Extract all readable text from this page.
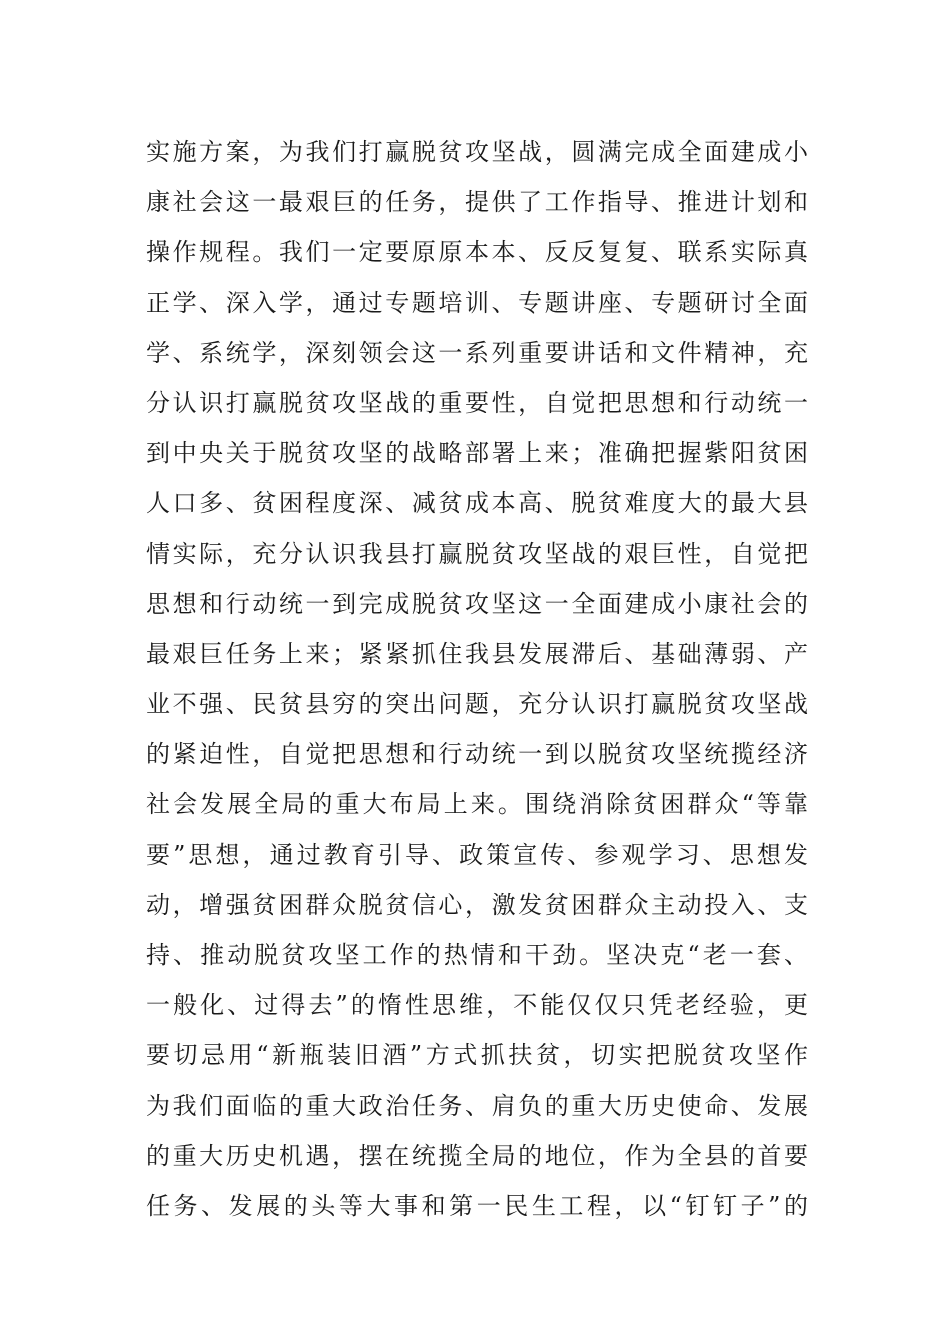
实施方案，为我们打赢脱贫攻坚战，圆满完成全面建成小
康社会这一最艰巨的任务，提供了工作指导、推进计划和
操作规程。我们一定要原原本本、反反复复、联系实际真
正学、深入学，通过专题培训、专题讲座、专题研讨全面
学、系统学，深刻领会这一系列重要讲话和文件精神，充
分认识打赢脱贫攻坚战的重要性，自觉把思想和行动统一
到中央关于脱贫攻坚的战略部署上来；准确把握紫阳贫困
人口多、贫困程度深、减贫成本高、脱贫难度大的最大县
情实际，充分认识我县打赢脱贫攻坚战的艰巨性，自觉把
思想和行动统一到完成脱贫攻坚这一全面建成小康社会的
最艰巨任务上来；紧紧抓住我县发展滞后、基础薄弱、产
业不强、民贫县穷的突出问题，充分认识打赢脱贫攻坚战
的紧迫性，自觉把思想和行动统一到以脱贫攻坚统揽经济
社会发展全局的重大布局上来。围绕消除贫困群众“等靠
要”思想，通过教育引导、政策宣传、参观学习、思想发
动，增强贫困群众脱贫信心，激发贫困群众主动投入、支
持、推动脱贫攻坚工作的热情和干劲。坚决克“老一套、
一般化、过得去”的惰性思维，不能仅仅只凭老经验，更
要切忌用“新瓶装旧酒”方式抓扶贫，切实把脱贫攻坚作
为我们面临的重大政治任务、肩负的重大历史使命、发展
的重大历史机遇，摆在统揽全局的地位，作为全县的首要
任务、发展的头等大事和第一民生工程，以“钉钉子”的
